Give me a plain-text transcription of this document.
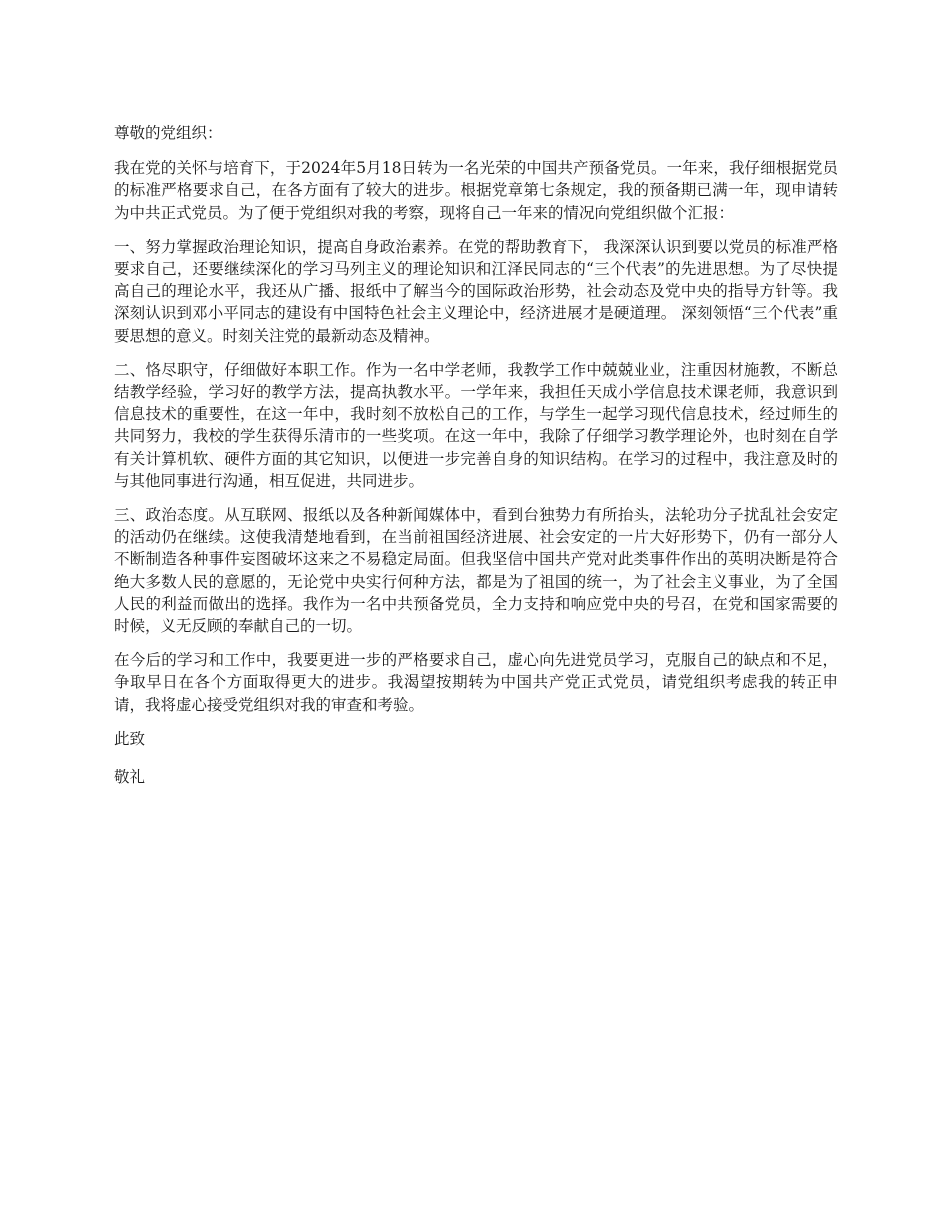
尊敬的党组织：

我在党的关怀与培育下，于2024年5月18日转为一名光荣的中国共产预备党员。一年来，我仔细根据党员的标准严格要求自己，在各方面有了较大的进步。根据党章第七条规定，我的预备期已满一年，现申请转为中共正式党员。为了便于党组织对我的考察，现将自己一年来的情况向党组织做个汇报：

一、努力掌握政治理论知识，提高自身政治素养。在党的帮助教育下， 我深深认识到要以党员的标准严格要求自己，还要继续深化的学习马列主义的理论知识和江泽民同志的“三个代表”的先进思想。为了尽快提高自己的理论水平，我还从广播、报纸中了解当今的国际政治形势，社会动态及党中央的指导方针等。我深刻认识到邓小平同志的建设有中国特色社会主义理论中，经济进展才是硬道理。 深刻领悟“三个代表”重要思想的意义。时刻关注党的最新动态及精神。

二、恪尽职守，仔细做好本职工作。作为一名中学老师，我教学工作中兢兢业业，注重因材施教，不断总结教学经验，学习好的教学方法，提高执教水平。一学年来，我担任天成小学信息技术课老师，我意识到信息技术的重要性，在这一年中，我时刻不放松自己的工作，与学生一起学习现代信息技术，经过师生的共同努力，我校的学生获得乐清市的一些奖项。在这一年中，我除了仔细学习教学理论外，也时刻在自学有关计算机软、硬件方面的其它知识，以便进一步完善自身的知识结构。在学习的过程中，我注意及时的与其他同事进行沟通，相互促进，共同进步。

三、政治态度。从互联网、报纸以及各种新闻媒体中，看到台独势力有所抬头，法轮功分子扰乱社会安定的活动仍在继续。这使我清楚地看到，在当前祖国经济进展、社会安定的一片大好形势下，仍有一部分人不断制造各种事件妄图破坏这来之不易稳定局面。但我坚信中国共产党对此类事件作出的英明决断是符合绝大多数人民的意愿的，无论党中央实行何种方法，都是为了祖国的统一，为了社会主义事业，为了全国人民的利益而做出的选择。我作为一名中共预备党员，全力支持和响应党中央的号召，在党和国家需要的时候，义无反顾的奉献自己的一切。

在今后的学习和工作中，我要更进一步的严格要求自己，虚心向先进党员学习，克服自己的缺点和不足，争取早日在各个方面取得更大的进步。我渴望按期转为中国共产党正式党员，请党组织考虑我的转正申请，我将虚心接受党组织对我的审查和考验。

此致

敬礼
